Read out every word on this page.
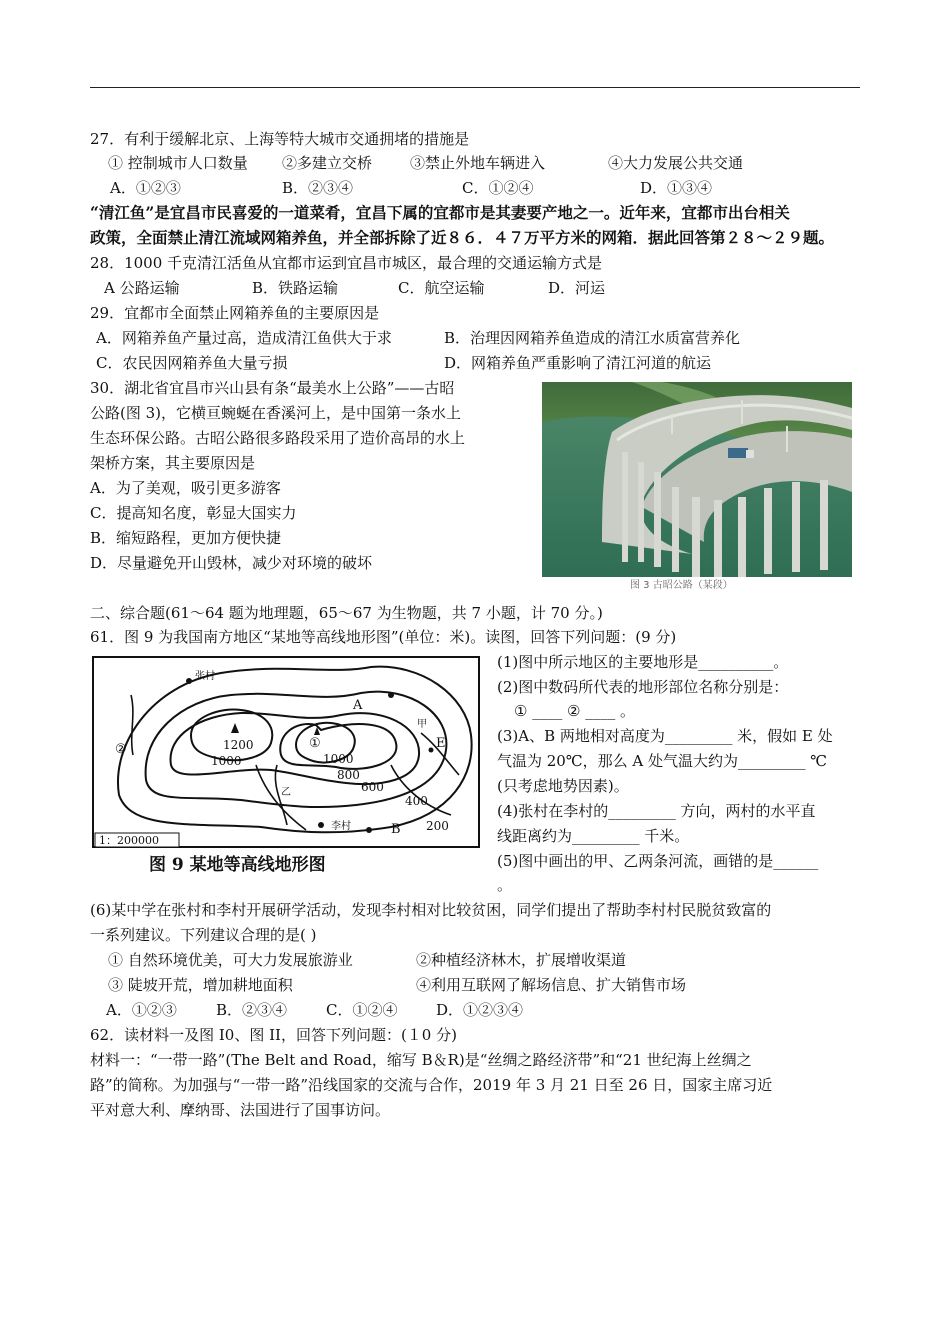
27．有利于缓解北京、上海等特大城市交通拥堵的措施是
① 控制城市人口数量 ②多建立交桥	③禁止外地车辆进入	④大力发展公共交通
A．①②③	B．②③④	C．①②④	D．①③④
“清江鱼”是宜昌市民喜爱的一道菜肴，宜昌下属的宜都市是其妻要产地之一。近年来，宜都市出台相关
政策，全面禁止清江流域网箱养鱼，并全部拆除了近８６．４７万平方米的网箱．据此回答第２８～２９题。
28．1000 千克清江活鱼从宜都市运到宜昌市城区，最合理的交通运输方式是
A 公路运输	B．铁路运输	C．航空运输	D．河运
29．宜都市全面禁止网箱养鱼的主要原因是
A．网箱养鱼产量过高，造成清江鱼供大于求	B．治理因网箱养鱼造成的清江水质富营养化
C．农民因网箱养鱼大量亏损	D．网箱养鱼严重影响了清江河道的航运
30．湖北省宜昌市兴山县有条“最美水上公路”——古昭
公路(图 3)，它横亘蜿蜒在香溪河上，是中国第一条水上
生态环保公路。古昭公路很多路段采用了造价高昂的水上
架桥方案，其主要原因是
A．为了美观，吸引更多游客
C．提高知名度，彰显大国实力
B．缩短路程，更加方便快捷
D．尽量避免开山毁林，减少对环境的破坏
图 3 古昭公路（某段）
二、综合题(61～64 题为地理题，65～67 为生物题，共 7 小题，计 70 分。)
61．图 9 为我国南方地区“某地等高线地形图”(单位：米)。读图，回答下列问题：(9 分)
1200
1000	1000
800
600
400
200
A
B
E
①
②
甲
乙
张村
李村
1：200000
图 9 某地等高线地形图
(1)图中所示地区的主要地形是__________。
(2)图中数码所代表的地形部位名称分别是：
① ____ ② ____ 。
(3)A、B 两地相对高度为_________ 米，假如 E 处
气温为 20℃，那么 A 处气温大约为_________ ℃
(只考虑地势因素)。
(4)张村在李村的_________ 方向，两村的水平直
线距离约为_________ 千米。
(5)图中画出的甲、乙两条河流，画错的是______
。
(6)某中学在张村和李村开展研学活动，发现李村相对比较贫困，同学们提出了帮助李村村民脱贫致富的
一系列建议。下列建议合理的是( )
① 自然环境优美，可大力发展旅游业	②种植经济林木，扩展增收渠道
③ 陡坡开荒，增加耕地面积	④利用互联网了解场信息、扩大销售市场
A．①②③	B．②③④	C．①②④	D．①②③④
62．读材料一及图 I0、图 II，回答下列问题：(１0 分)
材料一：“一带一路”(The Belt and Road，缩写 B＆R)是“丝绸之路经济带”和“21 世纪海上丝绸之
路”的简称。为加强与“一带一路”沿线国家的交流与合作，2019 年 3 月 21 日至 26 日，国家主席习近
平对意大利、摩纳哥、法国进行了国事访问。
